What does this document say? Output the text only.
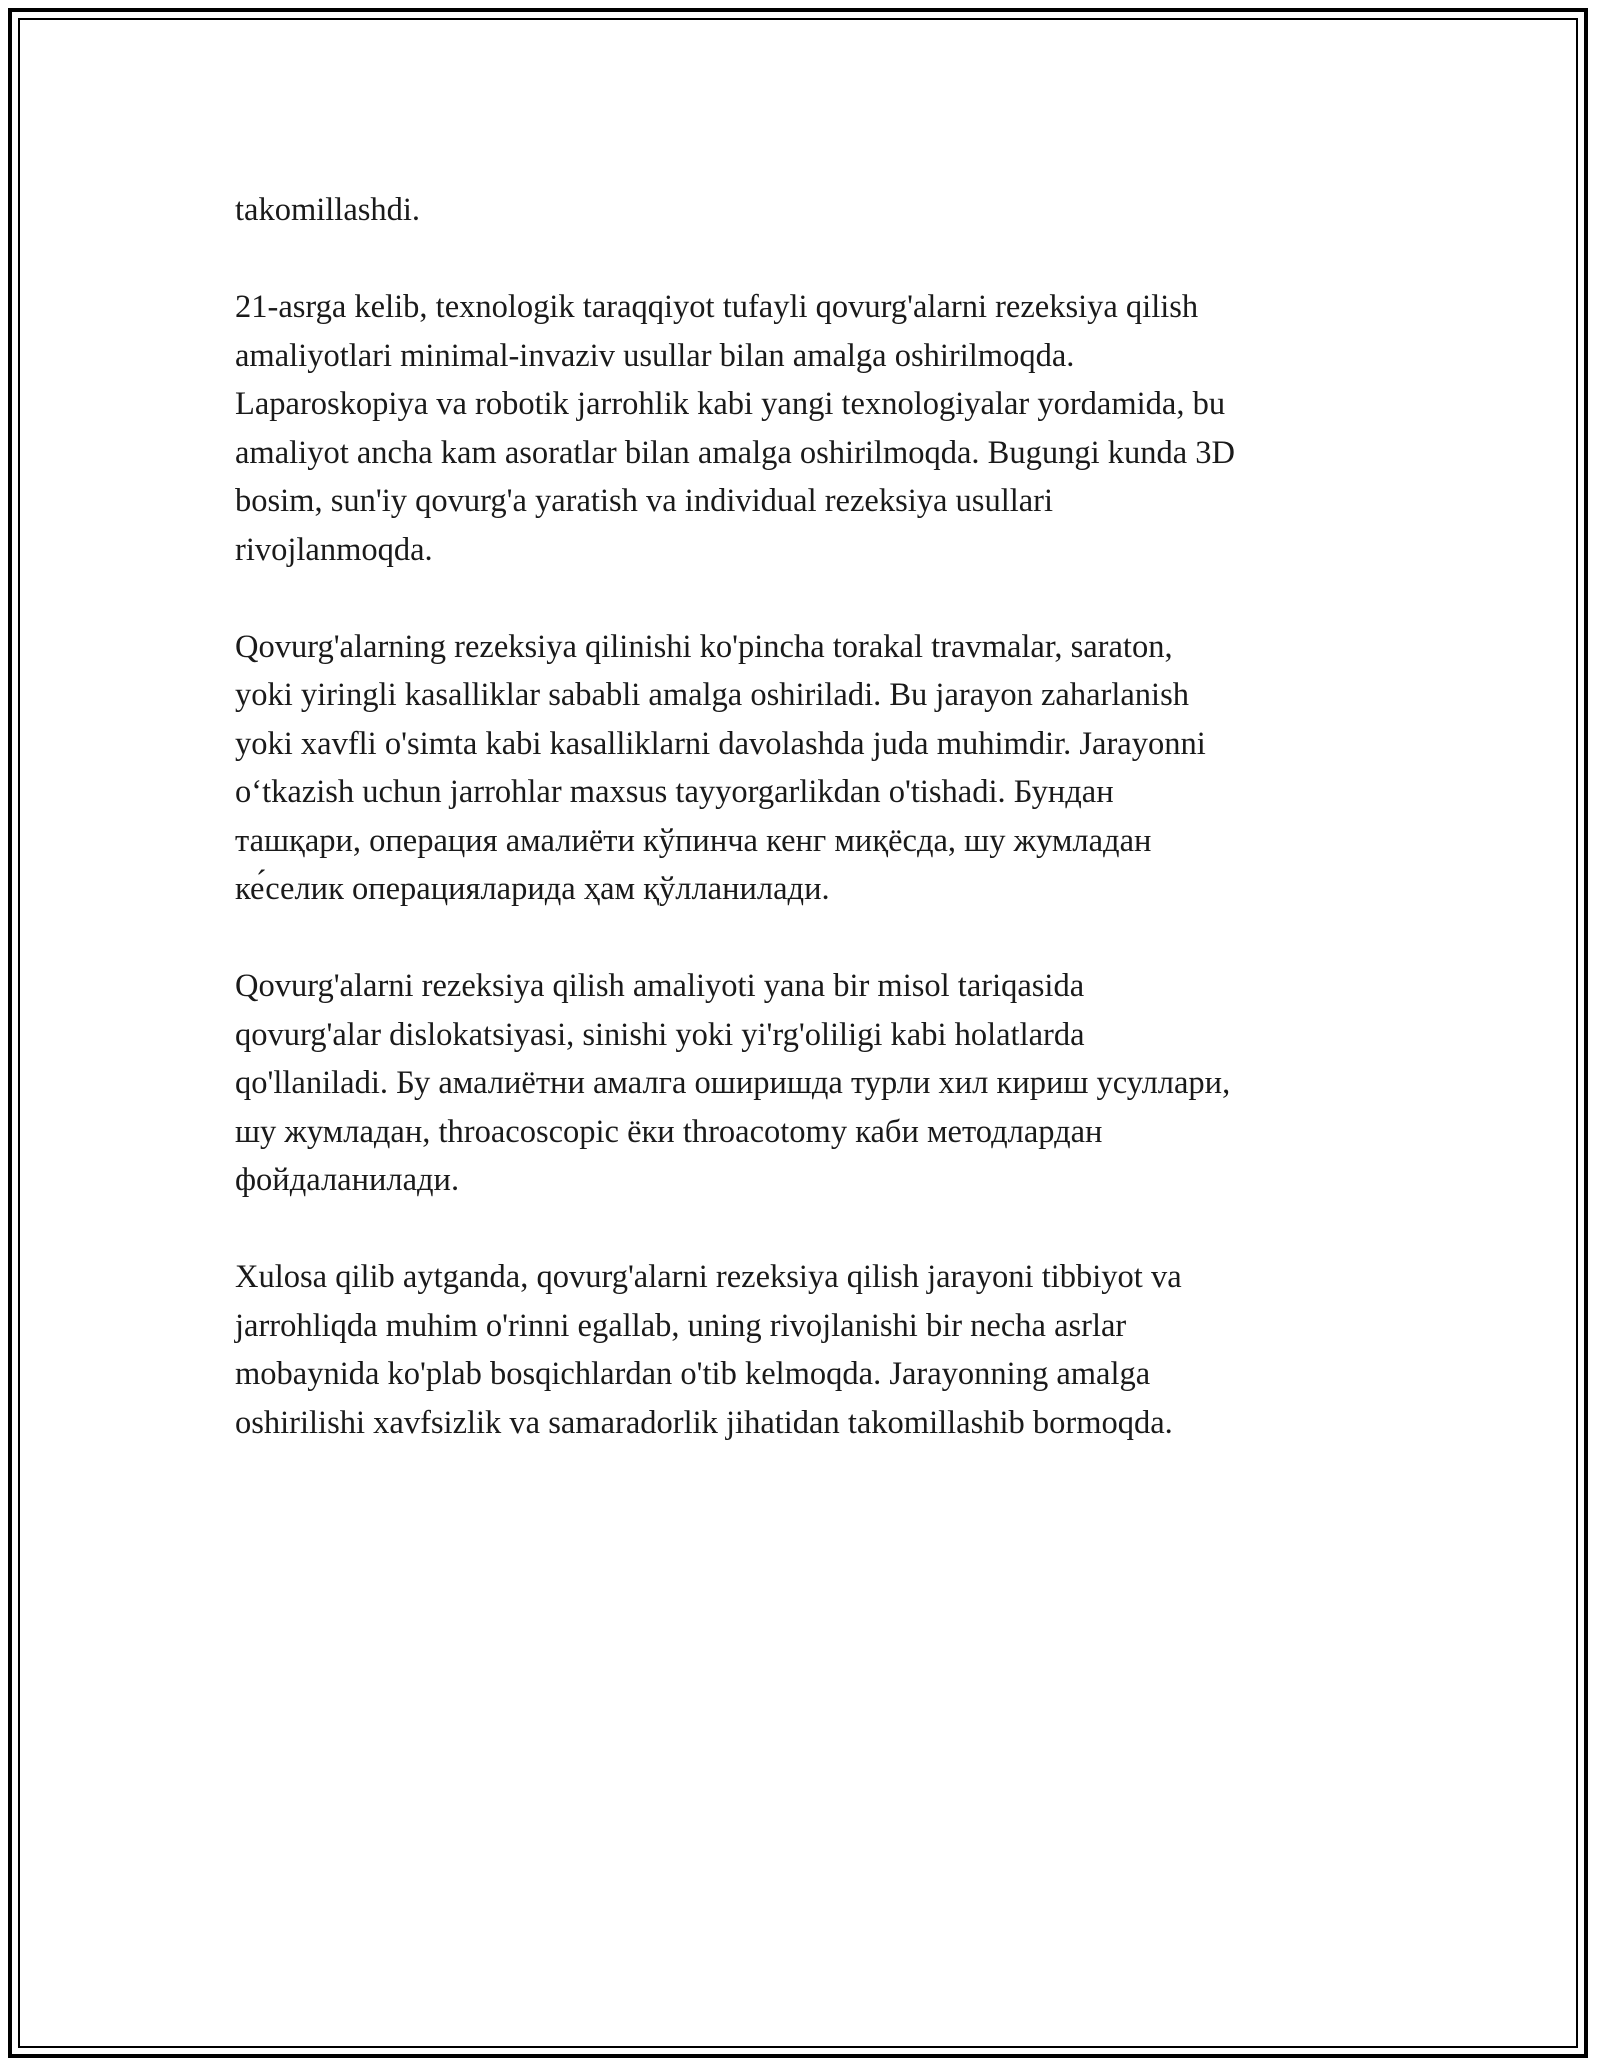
takomillashdi.

21-asrga kelib, texnologik taraqqiyot tufayli qovurg'alarni rezeksiya qilish
amaliyotlari minimal-invaziv usullar bilan amalga oshirilmoqda.
Laparoskopiya va robotik jarrohlik kabi yangi texnologiyalar yordamida, bu
amaliyot ancha kam asoratlar bilan amalga oshirilmoqda. Bugungi kunda 3D
bosim, sun'iy qovurg'a yaratish va individual rezeksiya usullari
rivojlanmoqda.

Qovurg'alarning rezeksiya qilinishi ko'pincha torakal travmalar, saraton,
yoki yiringli kasalliklar sababli amalga oshiriladi. Bu jarayon zaharlanish
yoki xavfli o'simta kabi kasalliklarni davolashda juda muhimdir. Jarayonni
o‘tkazish uchun jarrohlar maxsus tayyorgarlikdan o'tishadi. Бундан
ташқари, операция амалиёти кўпинча кенг миқёсда, шу жумладан
ке́селик операцияларида ҳам қўлланилади.

Qovurg'alarni rezeksiya qilish amaliyoti yana bir misol tariqasida
qovurg'alar dislokatsiyasi, sinishi yoki yi'rg'oliligi kabi holatlarda
qo'llaniladi. Бу амалиётни амалга оширишда турли хил кириш усуллари,
шу жумладан, throacoscopic ёки throacotomy каби методлардан
фойдаланилади.

Xulosa qilib aytganda, qovurg'alarni rezeksiya qilish jarayoni tibbiyot va
jarrohliqda muhim o'rinni egallab, uning rivojlanishi bir necha asrlar
mobaynida ko'plab bosqichlardan o'tib kelmoqda. Jarayonning amalga
oshirilishi xavfsizlik va samaradorlik jihatidan takomillashib bormoqda.
